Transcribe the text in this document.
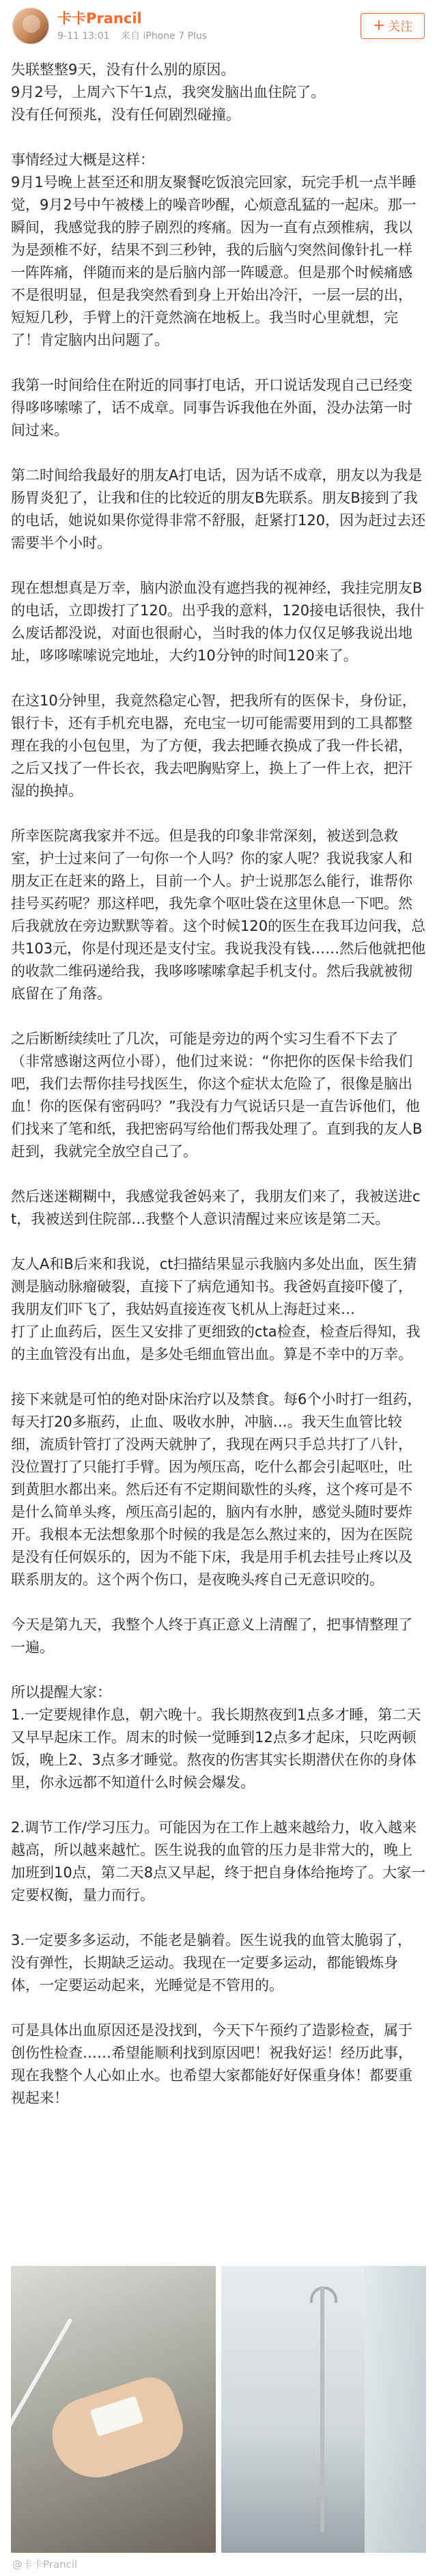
卡卡Prancil
9-11 13:01 来自 iPhone 7 Plus
+ 关注

失联整整9天，没有什么别的原因。
9月2号，上周六下午1点，我突发脑出血住院了。
没有任何预兆，没有任何剧烈碰撞。

事情经过大概是这样：
9月1号晚上甚至还和朋友聚餐吃饭浪完回家，玩完手机一点半睡觉，9月2号中午被楼上的噪音吵醒，心烦意乱猛的一起床。那一瞬间，我感觉我的脖子剧烈的疼痛。因为一直有点颈椎病，我以为是颈椎不好，结果不到三秒钟，我的后脑勺突然间像针扎一样一阵阵痛，伴随而来的是后脑内部一阵暖意。但是那个时候痛感不是很明显，但是我突然看到身上开始出冷汗，一层一层的出，短短几秒，手臂上的汗竟然滴在地板上。我当时心里就想，完了！肯定脑内出问题了。

我第一时间给住在附近的同事打电话，开口说话发现自己已经变得哆哆嗦嗦了，话不成章。同事告诉我他在外面，没办法第一时间过来。

第二时间给我最好的朋友A打电话，因为话不成章，朋友以为我是肠胃炎犯了，让我和住的比较近的朋友B先联系。朋友B接到了我的电话，她说如果你觉得非常不舒服，赶紧打120，因为赶过去还需要半个小时。

现在想想真是万幸，脑内淤血没有遮挡我的视神经，我挂完朋友B的电话，立即拨打了120。出乎我的意料，120接电话很快，我什么废话都没说，对面也很耐心，当时我的体力仅仅足够我说出地址，哆哆嗦嗦说完地址，大约10分钟的时间120来了。

在这10分钟里，我竟然稳定心智，把我所有的医保卡，身份证，银行卡，还有手机充电器，充电宝一切可能需要用到的工具都整理在我的小包包里，为了方便，我去把睡衣换成了我一件长裙，之后又找了一件长衣，我去吧胸贴穿上，换上了一件上衣，把汗湿的换掉。

所幸医院离我家并不远。但是我的印象非常深刻，被送到急救室，护士过来问了一句你一个人吗？你的家人呢？我说我家人和朋友正在赶来的路上，目前一个人。护士说那怎么能行，谁帮你挂号买药呢？那这样吧，我先拿个呕吐袋在这里休息一下吧。然后我就放在旁边默默等着。这个时候120的医生在我耳边问我，总共103元，你是付现还是支付宝。我说我没有钱……然后他就把他的收款二维码递给我，我哆哆嗦嗦拿起手机支付。然后我就被彻底留在了角落。

之后断断续续吐了几次，可能是旁边的两个实习生看不下去了（非常感谢这两位小哥），他们过来说：“你把你的医保卡给我们吧，我们去帮你挂号找医生，你这个症状太危险了，很像是脑出血！你的医保有密码吗？”我没有力气说话只是一直告诉他们，他们找来了笔和纸，我把密码写给他们帮我处理了。直到我的友人B赶到，我就完全放空自己了。

然后迷迷糊糊中，我感觉我爸妈来了，我朋友们来了，我被送进ct，我被送到住院部…我整个人意识清醒过来应该是第二天。

友人A和B后来和我说，ct扫描结果显示我脑内多处出血，医生猜测是脑动脉瘤破裂，直接下了病危通知书。我爸妈直接吓傻了，我朋友们吓飞了，我姑妈直接连夜飞机从上海赶过来…
打了止血药后，医生又安排了更细致的cta检查，检查后得知，我的主血管没有出血，是多处毛细血管出血。算是不幸中的万幸。

接下来就是可怕的绝对卧床治疗以及禁食。每6个小时打一组药，每天打20多瓶药，止血、吸收水肿，冲脑…。我天生血管比较细，流质针管打了没两天就肿了，我现在两只手总共打了八针，没位置打了只能打手臂。因为颅压高，吃什么都会引起呕吐，吐到黄胆水都出来。然后还有不定期间歇性的头疼，这个疼可是不是什么简单头疼，颅压高引起的，脑内有水肿，感觉头随时要炸开。我根本无法想象那个时候的我是怎么熬过来的，因为在医院是没有任何娱乐的，因为不能下床，我是用手机去挂号止疼以及联系朋友的。这个两个伤口，是夜晚头疼自己无意识咬的。

今天是第九天，我整个人终于真正意义上清醒了，把事情整理了一遍。

所以提醒大家：
1.一定要规律作息，朝六晚十。我长期熬夜到1点多才睡，第二天又早早起床工作。周末的时候一觉睡到12点多才起床，只吃两顿饭，晚上2、3点多才睡觉。熬夜的伤害其实长期潜伏在你的身体里，你永远都不知道什么时候会爆发。

2.调节工作/学习压力。可能因为在工作上越来越给力，收入越来越高，所以越来越忙。医生说我的血管的压力是非常大的，晚上加班到10点，第二天8点又早起，终于把自身体给拖垮了。大家一定要权衡，量力而行。

3.一定要多多运动，不能老是躺着。医生说我的血管太脆弱了，没有弹性，长期缺乏运动。我现在一定要多运动，都能锻炼身体，一定要运动起来，光睡觉是不管用的。

可是具体出血原因还是没找到，今天下午预约了造影检查，属于创伤性检查……希望能顺利找到原因吧！祝我好运！经历此事，现在我整个人心如止水。也希望大家都能好好保重身体！都要重视起来！

@卡卡Prancil
